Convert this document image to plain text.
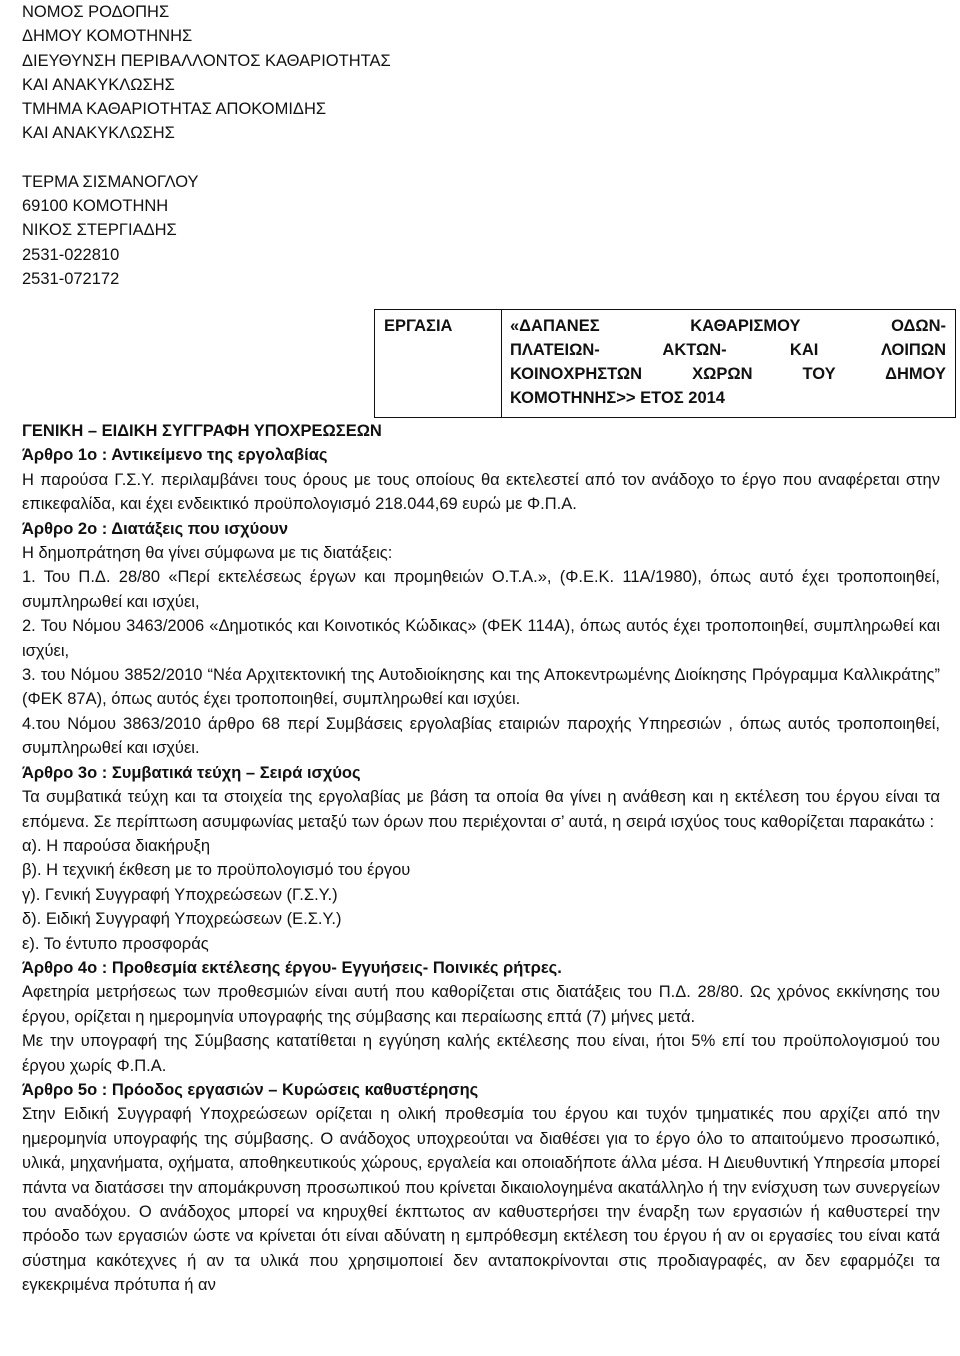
ΝΟΜΟΣ ΡΟΔΟΠΗΣ
ΔΗΜΟΥ ΚΟΜΟΤΗΝΗΣ
ΔΙΕΥΘΥΝΣΗ ΠΕΡΙΒΑΛΛΟΝΤΟΣ ΚΑΘΑΡΙΟΤΗΤΑΣ
ΚΑΙ ΑΝΑΚΥΚΛΩΣΗΣ
ΤΜΗΜΑ ΚΑΘΑΡΙΟΤΗΤΑΣ ΑΠΟΚΟΜΙΔΗΣ
ΚΑΙ ΑΝΑΚΥΚΛΩΣΗΣ
ΤΕΡΜΑ ΣΙΣΜΑΝΟΓΛΟΥ
69100 ΚΟΜΟΤΗΝΗ
ΝΙΚΟΣ ΣΤΕΡΓΙΑΔΗΣ
2531-022810
2531-072172
ΕΡΓΑΣΙΑ	«ΔΑΠΑΝΕΣ ΚΑΘΑΡΙΣΜΟΥ ΟΔΩΝ-
ΠΛΑΤΕΙΩΝ- ΑΚΤΩΝ- ΚΑΙ ΛΟΙΠΩΝ
ΚΟΙΝΟΧΡΗΣΤΩΝ ΧΩΡΩΝ ΤΟΥ ΔΗΜΟΥ
ΚΟΜΟΤΗΝΗΣ>> ΕΤΟΣ 2014

ΓΕΝΙΚΗ – ΕΙΔΙΚΗ ΣΥΓΓΡΑΦΗ ΥΠΟΧΡΕΩΣΕΩΝ

Άρθρο 1ο : Αντικείμενο της εργολαβίας

Η παρούσα Γ.Σ.Υ. περιλαμβάνει τους όρους με τους οποίους θα εκτελεστεί από τον ανάδοχο το έργο που αναφέρεται στην επικεφαλίδα, και έχει ενδεικτικό προϋπολογισμό 218.044,69 ευρώ με Φ.Π.Α.

Άρθρο 2ο : Διατάξεις που ισχύουν

Η δημοπράτηση θα γίνει σύμφωνα με τις διατάξεις:

1. Του Π.Δ. 28/80 «Περί εκτελέσεως έργων και προμηθειών Ο.Τ.Α.», (Φ.Ε.Κ. 11Α/1980), όπως αυτό έχει τροποποιηθεί, συμπληρωθεί και ισχύει,

2. Του Νόμου 3463/2006 «Δημοτικός και Κοινοτικός Κώδικας» (ΦΕΚ 114Α), όπως αυτός έχει τροποποιηθεί, συμπληρωθεί και ισχύει,

3. του Νόμου 3852/2010 “Νέα Αρχιτεκτονική της Αυτοδιοίκησης και της Αποκεντρωμένης Διοίκησης Πρόγραμμα Καλλικράτης” (ΦΕΚ 87Α), όπως αυτός έχει τροποποιηθεί, συμπληρωθεί και ισχύει.

4.του Νόμου 3863/2010 άρθρο 68 περί Συμβάσεις εργολαβίας εταιριών παροχής Υπηρεσιών , όπως αυτός τροποποιηθεί, συμπληρωθεί και ισχύει.

Άρθρο 3ο : Συμβατικά τεύχη – Σειρά ισχύος

Τα συμβατικά τεύχη και τα στοιχεία της εργολαβίας με βάση τα οποία θα γίνει η ανάθεση και η εκτέλεση του έργου είναι τα επόμενα. Σε περίπτωση ασυμφωνίας μεταξύ των όρων που περιέχονται σ’ αυτά, η σειρά ισχύος τους καθορίζεται παρακάτω :

α). Η παρούσα διακήρυξη

β). Η τεχνική έκθεση με το προϋπολογισμό του έργου

γ). Γενική Συγγραφή Υποχρεώσεων (Γ.Σ.Υ.)

δ). Ειδική Συγγραφή Υποχρεώσεων (Ε.Σ.Υ.)

ε). Το έντυπο προσφοράς

Άρθρο 4ο : Προθεσμία εκτέλεσης έργου- Εγγυήσεις- Ποινικές ρήτρες.

Αφετηρία μετρήσεως των προθεσμιών είναι αυτή που καθορίζεται στις διατάξεις του Π.Δ. 28/80. Ως χρόνος εκκίνησης του έργου, ορίζεται η ημερομηνία υπογραφής της σύμβασης και περαίωσης επτά (7) μήνες μετά.

Με την υπογραφή της Σύμβασης κατατίθεται η εγγύηση καλής εκτέλεσης που είναι, ήτοι 5% επί του προϋπολογισμού του έργου χωρίς Φ.Π.Α.

Άρθρο 5ο : Πρόοδος εργασιών – Κυρώσεις καθυστέρησης

Στην Ειδική Συγγραφή Υποχρεώσεων ορίζεται η ολική προθεσμία του έργου και τυχόν τμηματικές που αρχίζει από την ημερομηνία υπογραφής της σύμβασης. Ο ανάδοχος υποχρεούται να διαθέσει για το έργο όλο το απαιτούμενο προσωπικό, υλικά, μηχανήματα, οχήματα, αποθηκευτικούς χώρους, εργαλεία και οποιαδήποτε άλλα μέσα. Η Διευθυντική Υπηρεσία μπορεί πάντα να διατάσσει την απομάκρυνση προσωπικού που κρίνεται δικαιολογημένα ακατάλληλο ή την ενίσχυση των συνεργείων του αναδόχου. Ο ανάδοχος μπορεί να κηρυχθεί έκπτωτος αν καθυστερήσει την έναρξη των εργασιών ή καθυστερεί την πρόοδο των εργασιών ώστε να κρίνεται ότι είναι αδύνατη η εμπρόθεσμη εκτέλεση του έργου ή αν οι εργασίες του είναι κατά σύστημα κακότεχνες ή αν τα υλικά που χρησιμοποιεί δεν ανταποκρίνονται στις προδιαγραφές, αν δεν εφαρμόζει τα εγκεκριμένα πρότυπα ή αν
